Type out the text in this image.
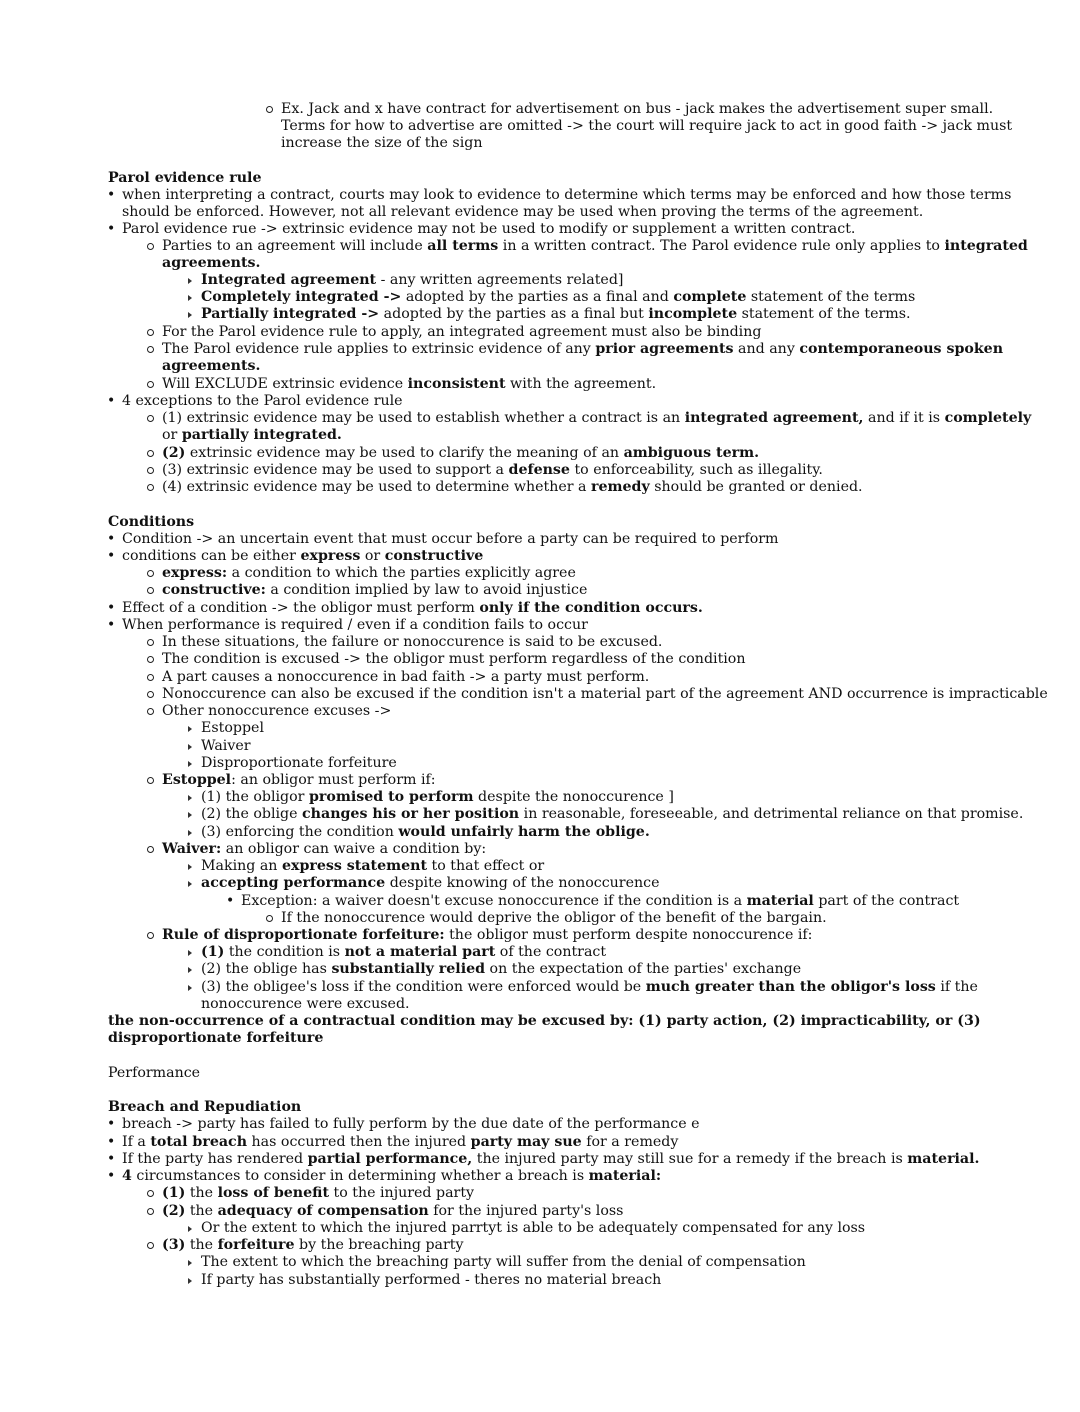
Ex. Jack and x have contract for advertisement on bus - jack makes the advertisement super small.
Terms for how to advertise are omitted -> the court will require jack to act in good faith -> jack must
increase the size of the sign
Parol evidence rule
• when interpreting a contract, courts may look to evidence to determine which terms may be enforced and how those terms
should be enforced. However, not all relevant evidence may be used when proving the terms of the agreement.
• Parol evidence rue -> extrinsic evidence may not be used to modify or supplement a written contract.
Parties to an agreement will include all terms in a written contract. The Parol evidence rule only applies to integrated
agreements.
Integrated agreement - any written agreements related]
Completely integrated -> adopted by the parties as a final and complete statement of the terms
Partially integrated -> adopted by the parties as a final but incomplete statement of the terms.
For the Parol evidence rule to apply, an integrated agreement must also be binding
The Parol evidence rule applies to extrinsic evidence of any prior agreements and any contemporaneous spoken
agreements.
Will EXCLUDE extrinsic evidence inconsistent with the agreement.
• 4 exceptions to the Parol evidence rule
(1) extrinsic evidence may be used to establish whether a contract is an integrated agreement, and if it is completely
or partially integrated.
(2) extrinsic evidence may be used to clarify the meaning of an ambiguous term.
(3) extrinsic evidence may be used to support a defense to enforceability, such as illegality.
(4) extrinsic evidence may be used to determine whether a remedy should be granted or denied.
Conditions
• Condition -> an uncertain event that must occur before a party can be required to perform
• conditions can be either express or constructive
express: a condition to which the parties explicitly agree
constructive: a condition implied by law to avoid injustice
• Effect of a condition -> the obligor must perform only if the condition occurs.
• When performance is required / even if a condition fails to occur
In these situations, the failure or nonoccurence is said to be excused.
The condition is excused -> the obligor must perform regardless of the condition
A part causes a nonoccurence in bad faith -> a party must perform.
Nonoccurence can also be excused if the condition isn't a material part of the agreement AND occurrence is impracticable
Other nonoccurence excuses ->
Estoppel
Waiver
Disproportionate forfeiture
Estoppel: an obligor must perform if:
(1) the obligor promised to perform despite the nonoccurence ]
(2) the oblige changes his or her position in reasonable, foreseeable, and detrimental reliance on that promise.
(3) enforcing the condition would unfairly harm the oblige.
Waiver: an obligor can waive a condition by:
Making an express statement to that effect or
accepting performance despite knowing of the nonoccurence
• Exception: a waiver doesn't excuse nonoccurence if the condition is a material part of the contract
If the nonoccurence would deprive the obligor of the benefit of the bargain.
Rule of disproportionate forfeiture: the obligor must perform despite nonoccurence if:
(1) the condition is not a material part of the contract
(2) the oblige has substantially relied on the expectation of the parties' exchange
(3) the obligee's loss if the condition were enforced would be much greater than the obligor's loss if the
nonoccurence were excused.
the non-occurrence of a contractual condition may be excused by: (1) party action, (2) impracticability, or (3)
disproportionate forfeiture
Performance
Breach and Repudiation
• breach -> party has failed to fully perform by the due date of the performance e
• If a total breach has occurred then the injured party may sue for a remedy
• If the party has rendered partial performance, the injured party may still sue for a remedy if the breach is material.
• 4 circumstances to consider in determining whether a breach is material:
(1) the loss of benefit to the injured party
(2) the adequacy of compensation for the injured party's loss
Or the extent to which the injured parrtyt is able to be adequately compensated for any loss
(3) the forfeiture by the breaching party
The extent to which the breaching party will suffer from the denial of compensation
If party has substantially performed - theres no material breach
